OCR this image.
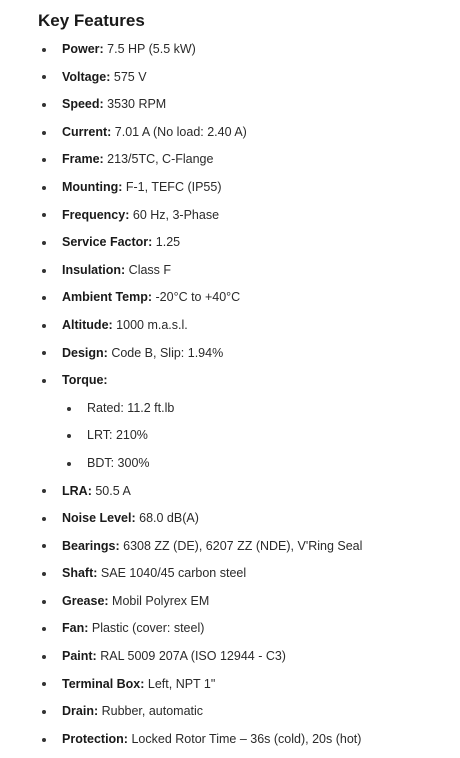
Key Features
Power: 7.5 HP (5.5 kW)
Voltage: 575 V
Speed: 3530 RPM
Current: 7.01 A (No load: 2.40 A)
Frame: 213/5TC, C-Flange
Mounting: F-1, TEFC (IP55)
Frequency: 60 Hz, 3-Phase
Service Factor: 1.25
Insulation: Class F
Ambient Temp: -20°C to +40°C
Altitude: 1000 m.a.s.l.
Design: Code B, Slip: 1.94%
Torque:
Rated: 11.2 ft.lb
LRT: 210%
BDT: 300%
LRA: 50.5 A
Noise Level: 68.0 dB(A)
Bearings: 6308 ZZ (DE), 6207 ZZ (NDE), V'Ring Seal
Shaft: SAE 1040/45 carbon steel
Grease: Mobil Polyrex EM
Fan: Plastic (cover: steel)
Paint: RAL 5009 207A (ISO 12944 - C3)
Terminal Box: Left, NPT 1"
Drain: Rubber, automatic
Protection: Locked Rotor Time – 36s (cold), 20s (hot)
